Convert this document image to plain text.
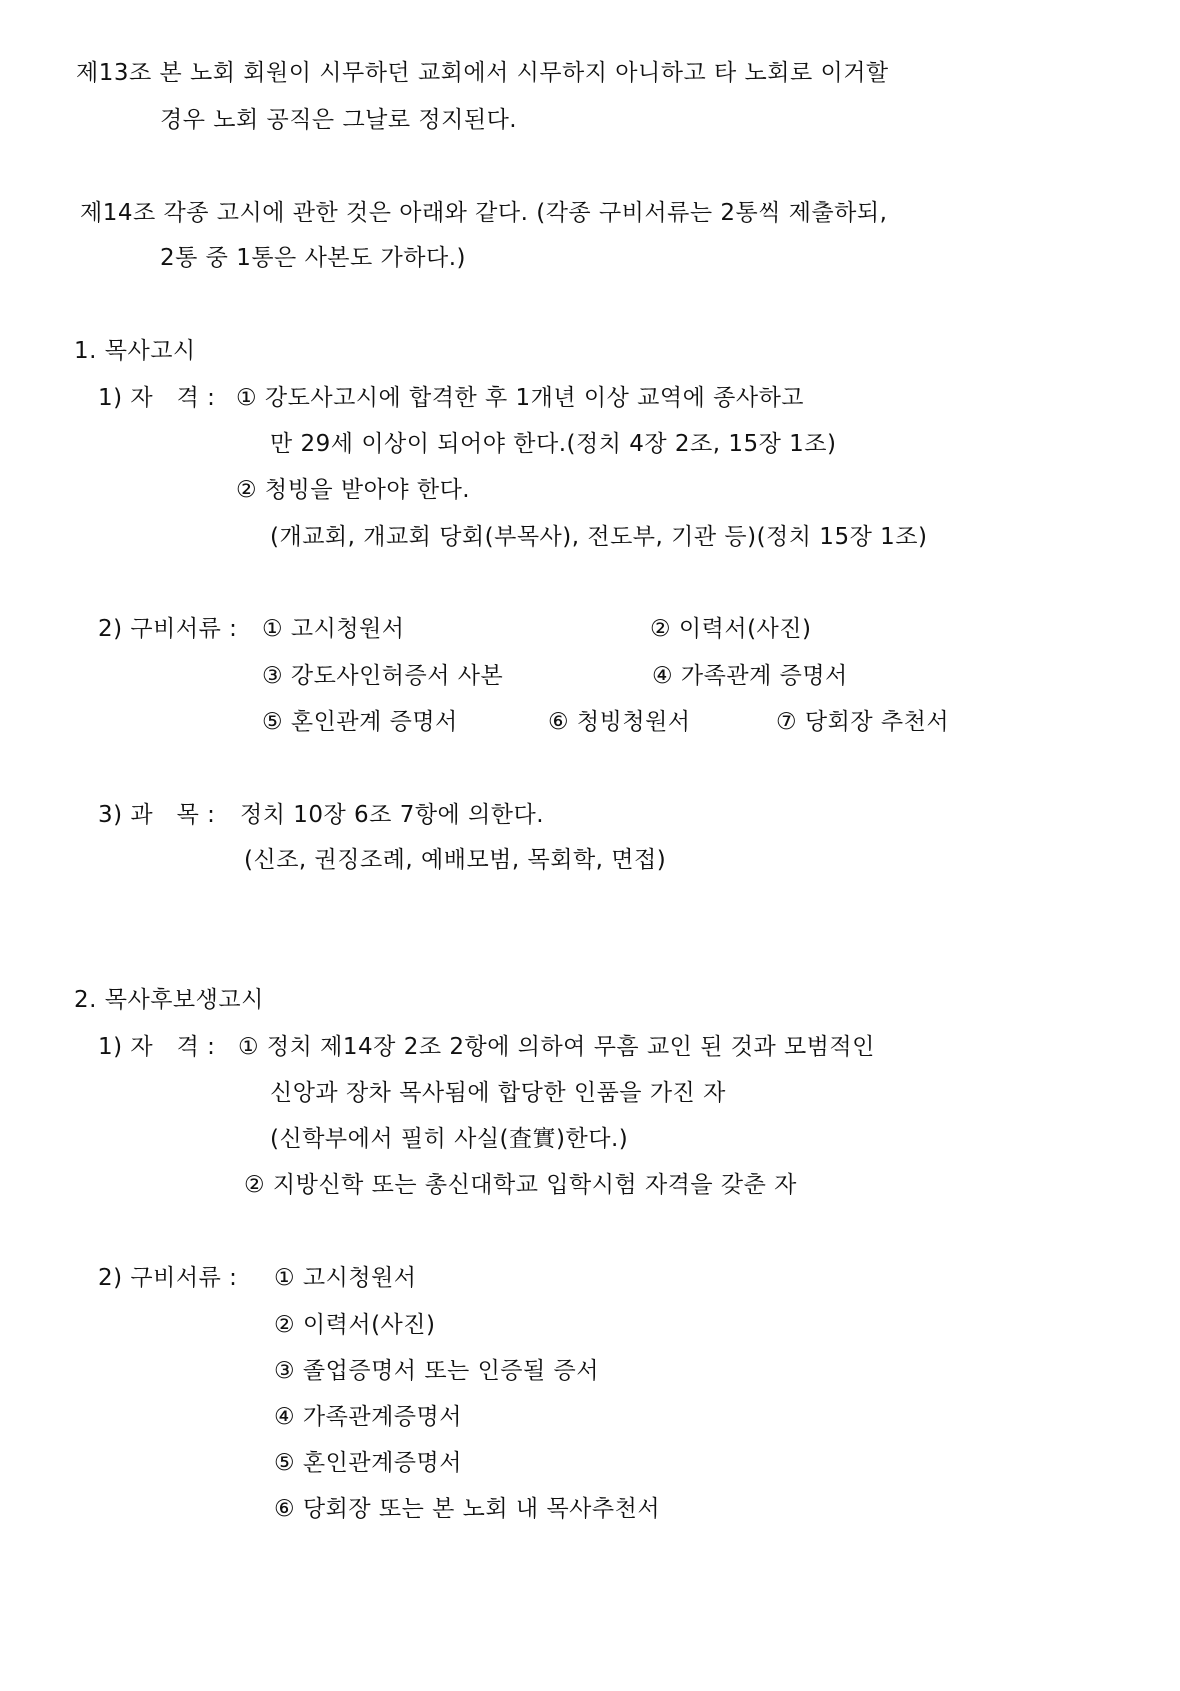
제13조 본 노회 회원이 시무하던 교회에서 시무하지 아니하고 타 노회로 이거할
경우 노회 공직은 그날로 정지된다.
제14조 각종 고시에 관한 것은 아래와 같다. (각종 구비서류는 2통씩 제출하되,
2통 중 1통은 사본도 가하다.)
1. 목사고시
1) 자   격 : ① 강도사고시에 합격한 후 1개년 이상 교역에 종사하고
만 29세 이상이 되어야 한다.(정치 4장 2조, 15장 1조)
② 청빙을 받아야 한다.
(개교회, 개교회 당회(부목사), 전도부, 기관 등)(정치 15장 1조)
2) 구비서류 : ① 고시청원서	② 이력서(사진)
③ 강도사인허증서 사본	④ 가족관계 증명서
⑤ 혼인관계 증명서	⑥ 청빙청원서	⑦ 당회장 추천서
3) 과   목 : 정치 10장 6조 7항에 의한다.
(신조, 권징조례, 예배모범, 목회학, 면접)
2. 목사후보생고시
1) 자   격 : ① 정치 제14장 2조 2항에 의하여 무흠 교인 된 것과 모범적인
신앙과 장차 목사됨에 합당한 인품을 가진 자
(신학부에서 필히 사실(査實)한다.)
② 지방신학 또는 총신대학교 입학시험 자격을 갖춘 자
2) 구비서류 : ① 고시청원서
② 이력서(사진)
③ 졸업증명서 또는 인증될 증서
④ 가족관계증명서
⑤ 혼인관계증명서
⑥ 당회장 또는 본 노회 내 목사추천서
